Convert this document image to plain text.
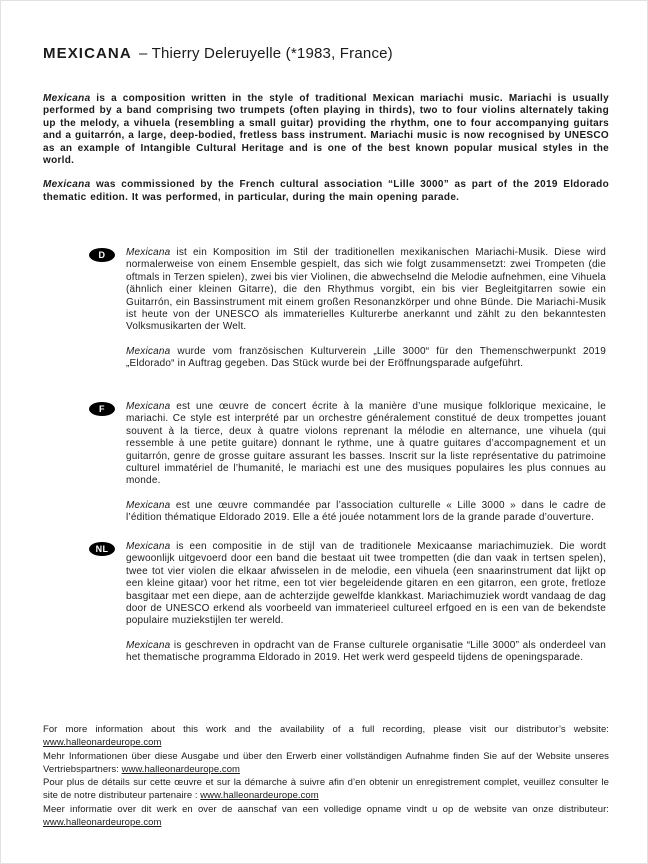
MEXICANA – Thierry Deleruyelle (*1983, France)

Mexicana is a composition written in the style of traditional Mexican mariachi music. Mariachi is usually performed by a band comprising two trumpets (often playing in thirds), two to four violins alternately taking up the melody, a vihuela (resembling a small guitar) providing the rhythm, one to four accompanying guitars and a guitarrón, a large, deep-bodied, fretless bass instrument. Mariachi music is now recognised by UNESCO as an example of Intangible Cultural Heritage and is one of the best known popular musical styles in the world.

Mexicana was commissioned by the French cultural association “Lille 3000” as part of the 2019 Eldorado thematic edition. It was performed, in particular, during the main opening parade.

D	Mexicana ist ein Komposition im Stil der traditionellen mexikanischen Mariachi-Musik. Diese wird normalerweise von einem Ensemble gespielt, das sich wie folgt zusammensetzt: zwei Trompeten (die oftmals in Terzen spielen), zwei bis vier Violinen, die abwechselnd die Melodie aufnehmen, eine Vihuela (ähnlich einer kleinen Gitarre), die den Rhythmus vorgibt, ein bis vier Begleitgitarren sowie ein Guitarrón, ein Bassinstrument mit einem großen Resonanzkörper und ohne Bünde. Die Mariachi-Musik ist heute von der UNESCO als immaterielles Kulturerbe anerkannt und zählt zu den bekanntesten Volksmusikarten der Welt.

Mexicana wurde vom französischen Kulturverein „Lille 3000“ für den Themenschwerpunkt 2019 „Eldorado“ in Auftrag gegeben. Das Stück wurde bei der Eröffnungsparade aufgeführt.

F	Mexicana est une œuvre de concert écrite à la manière d’une musique folklorique mexicaine, le mariachi. Ce style est interprété par un orchestre généralement constitué de deux trompettes jouant souvent à la tierce, deux à quatre violons reprenant la mélodie en alternance, une vihuela (qui ressemble à une petite guitare) donnant le rythme, une à quatre guitares d’accompagnement et un guitarrón, genre de grosse guitare assurant les basses. Inscrit sur la liste représentative du patrimoine culturel immatériel de l’humanité, le mariachi est une des musiques populaires les plus connues au monde.

Mexicana est une œuvre commandée par l’association culturelle « Lille 3000 » dans le cadre de l’édition thématique Eldorado 2019. Elle a été jouée notamment lors de la grande parade d’ouverture.

NL	Mexicana is een compositie in de stijl van de traditionele Mexicaanse mariachimuziek. Die wordt gewoonlijk uitgevoerd door een band die bestaat uit twee trompetten (die dan vaak in tertsen spelen), twee tot vier violen die elkaar afwisselen in de melodie, een vihuela (een snaarinstrument dat lijkt op een kleine gitaar) voor het ritme, een tot vier begeleidende gitaren en een gitarron, een grote, fretloze basgitaar met een diepe, aan de achterzijde gewelfde klankkast. Mariachimuziek wordt vandaag de dag door de UNESCO erkend als voorbeeld van immaterieel cultureel erfgoed en is een van de bekendste populaire muziekstijlen ter wereld.

Mexicana is geschreven in opdracht van de Franse culturele organisatie “Lille 3000” als onderdeel van het thematische programma Eldorado in 2019. Het werk werd gespeeld tijdens de openingsparade.

For more information about this work and the availability of a full recording, please visit our distributor’s website: www.halleonardeurope.com
Mehr Informationen über diese Ausgabe und über den Erwerb einer vollständigen Aufnahme finden Sie auf der Website unseres Vertriebspartners: www.halleonardeurope.com
Pour plus de détails sur cette œuvre et sur la démarche à suivre afin d’en obtenir un enregistrement complet, veuillez consulter le site de notre distributeur partenaire : www.halleonardeurope.com
Meer informatie over dit werk en over de aanschaf van een volledige opname vindt u op de website van onze distributeur: www.halleonardeurope.com
